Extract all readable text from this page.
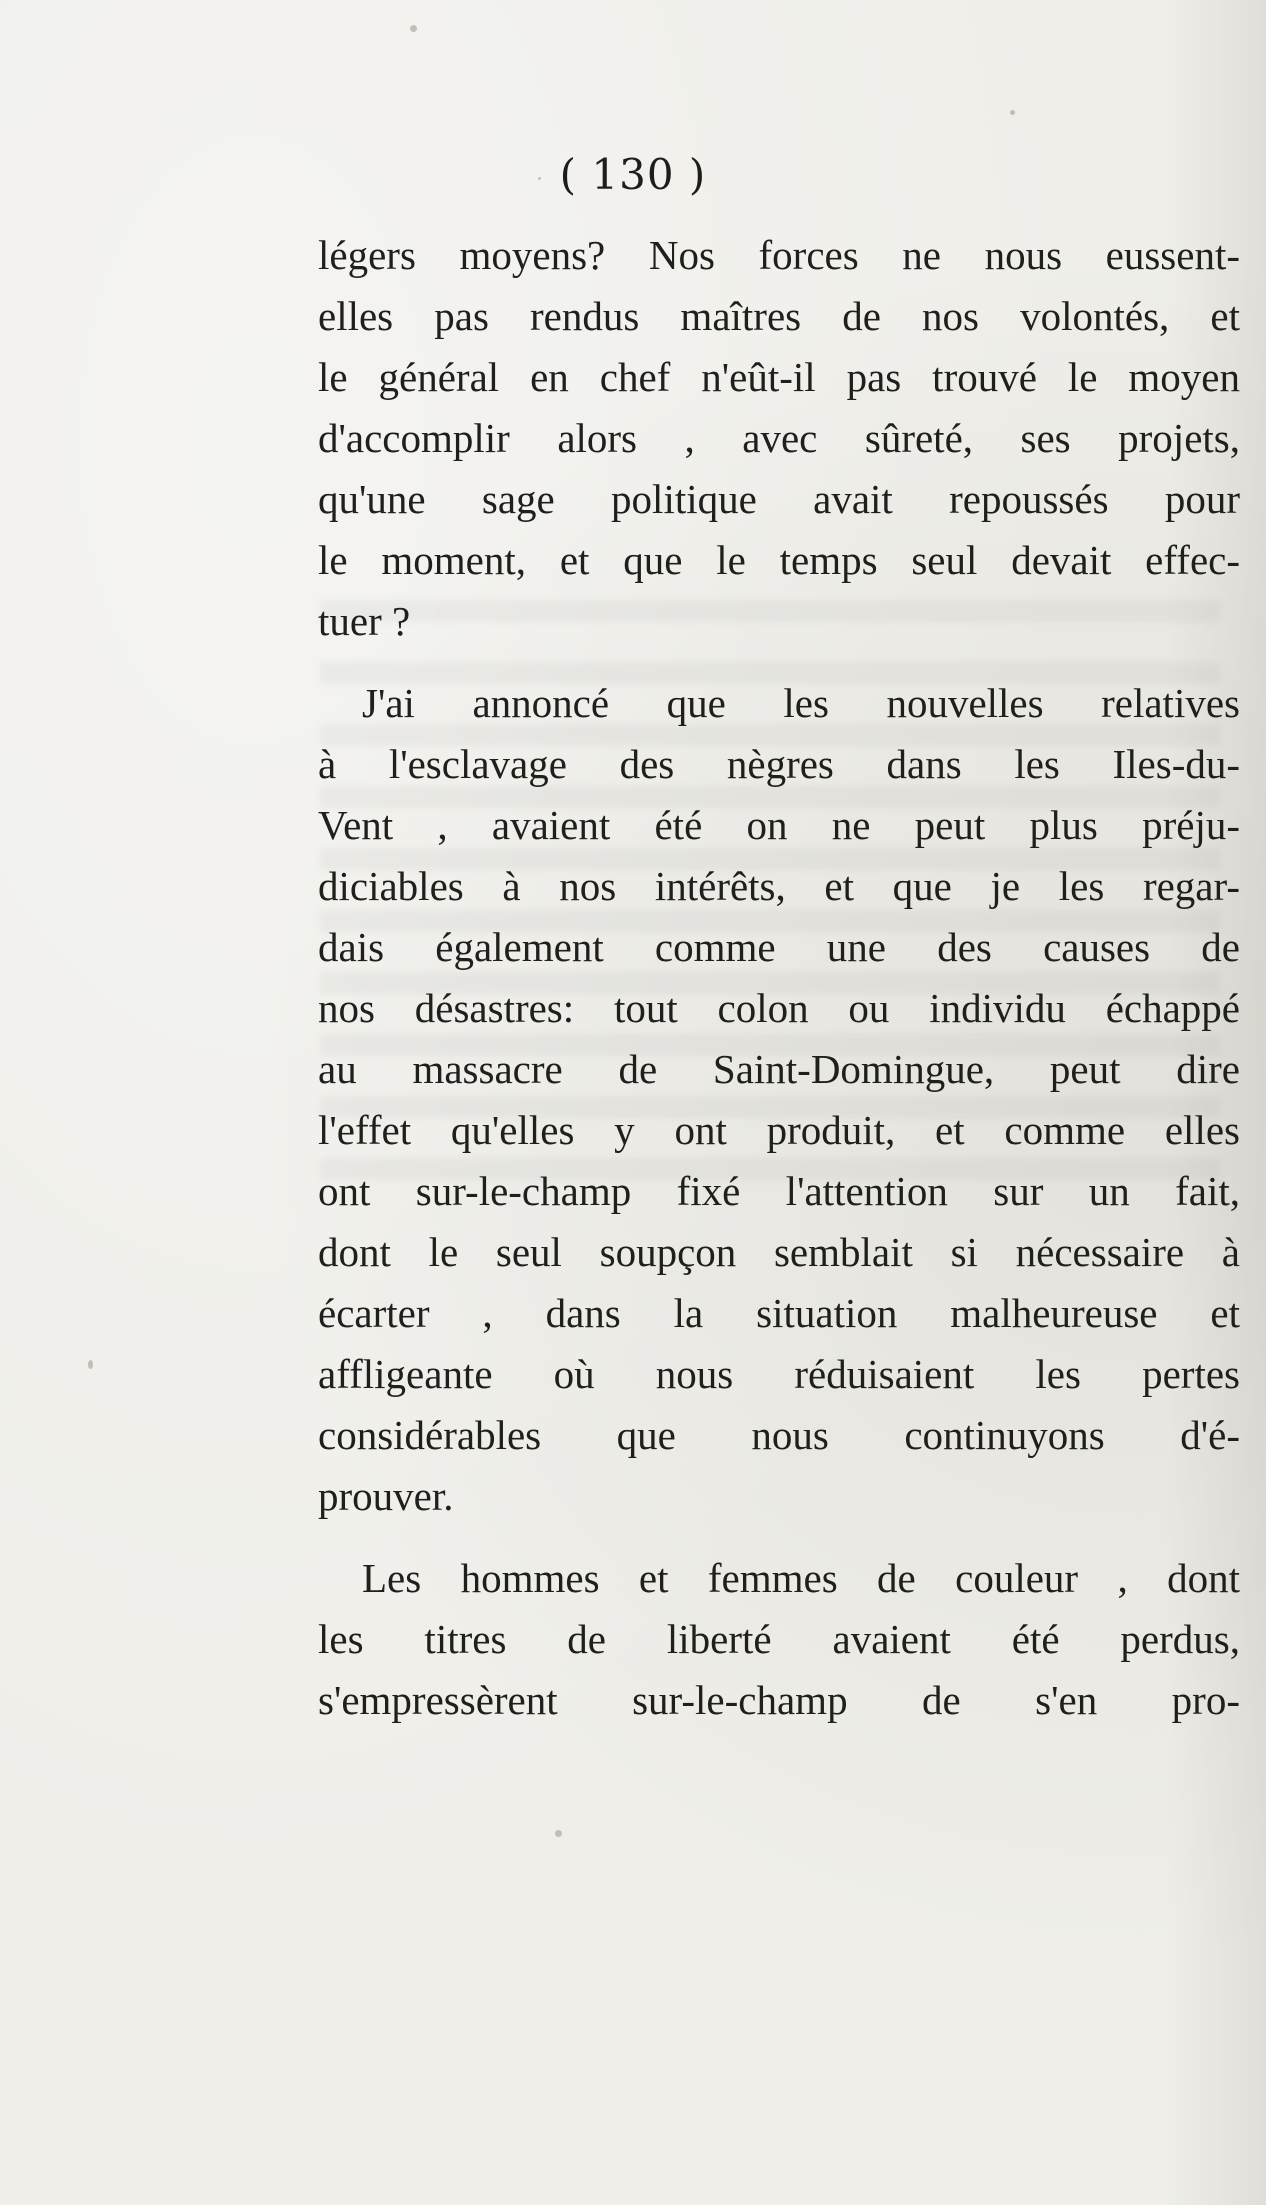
( 130 )
légers moyens? Nos forces ne nous eussent-
elles pas rendus maîtres de nos volontés, et
le général en chef n'eût-il pas trouvé le moyen
d'accomplir alors , avec sûreté, ses projets,
qu'une sage politique avait repoussés pour
le moment, et que le temps seul devait effec-
tuer ?
J'ai annoncé que les nouvelles relatives
à l'esclavage des nègres dans les Iles-du-
Vent , avaient été on ne peut plus préju-
diciables à nos intérêts, et que je les regar-
dais également comme une des causes de
nos désastres: tout colon ou individu échappé
au massacre de Saint-Domingue, peut dire
l'effet qu'elles y ont produit, et comme elles
ont sur-le-champ fixé l'attention sur un fait,
dont le seul soupçon semblait si nécessaire à
écarter , dans la situation malheureuse et
affligeante où nous réduisaient les pertes
considérables que nous continuyons d'é-
prouver.
Les hommes et femmes de couleur , dont
les titres de liberté avaient été perdus,
s'empressèrent sur-le-champ de s'en pro-
